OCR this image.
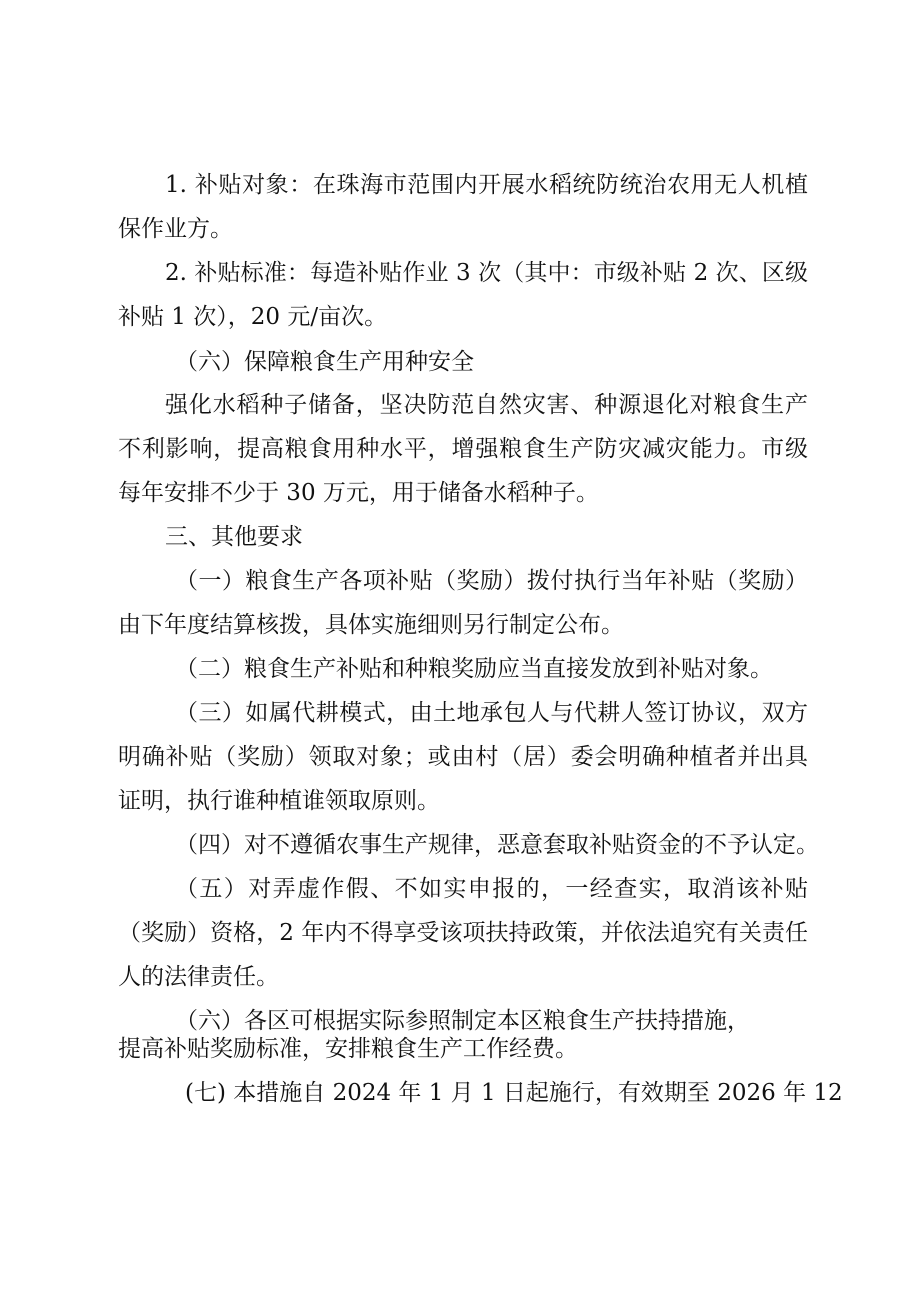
1. 补贴对象：在珠海市范围内开展水稻统防统治农用无人机植
保作业方。
2. 补贴标准：每造补贴作业 3 次（其中：市级补贴 2 次、区级
补贴 1 次），20 元/亩次。
（六）保障粮食生产用种安全
强化水稻种子储备，坚决防范自然灾害、种源退化对粮食生产
不利影响，提高粮食用种水平，增强粮食生产防灾减灾能力。市级
每年安排不少于 30 万元，用于储备水稻种子。
三、其他要求
（一）粮食生产各项补贴（奖励）拨付执行当年补贴（奖励）
由下年度结算核拨，具体实施细则另行制定公布。
（二）粮食生产补贴和种粮奖励应当直接发放到补贴对象。
（三）如属代耕模式，由土地承包人与代耕人签订协议，双方
明确补贴（奖励）领取对象；或由村（居）委会明确种植者并出具
证明，执行谁种植谁领取原则。
（四）对不遵循农事生产规律，恶意套取补贴资金的不予认定。
（五）对弄虚作假、不如实申报的，一经查实，取消该补贴
（奖励）资格，2 年内不得享受该项扶持政策，并依法追究有关责任
人的法律责任。
（六）各区可根据实际参照制定本区粮食生产扶持措施，
提高补贴奖励标准，安排粮食生产工作经费。
(七) 本措施自 2024 年 1 月 1 日起施行，有效期至 2026 年 12
